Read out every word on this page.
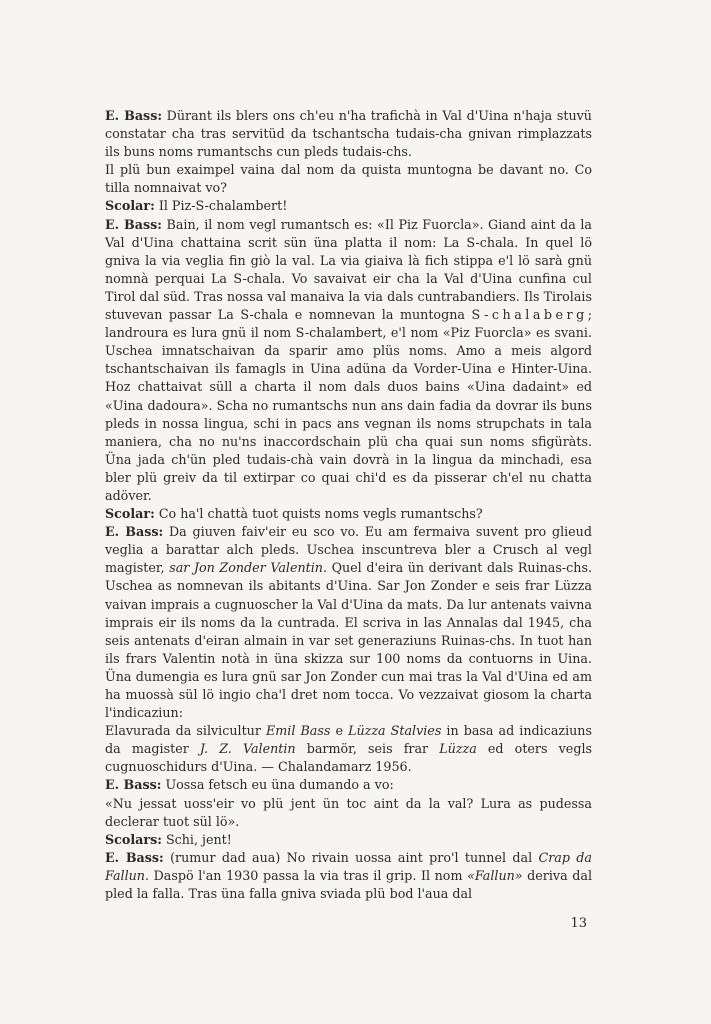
E. Bass: Dürant ils blers ons ch'eu n'ha trafichà in Val d'Uina n'haja stuvü constatar cha tras servitüd da tschantscha tudais-cha gnivan rimplazzats ils buns noms rumantschs cun pleds tudais-chs.

Il plü bun exaimpel vaina dal nom da quista muntogna be davant no. Co tilla nomnaivat vo?

Scolar: Il Piz-S-chalambert!

E. Bass: Bain, il nom vegl rumantsch es: «Il Piz Fuorcla». Giand aint da la Val d'Uina chattaina scrit sün üna platta il nom: La S-chala. In quel lö gniva la via veglia fin giò la val. La via giaiva là fich stippa e'l lö sarà gnü nomnà perquai La S-chala. Vo savaivat eir cha la Val d'Uina cunfina cul Tirol dal süd. Tras nossa val manaiva la via dals cuntrabandiers. Ils Tirolais stuvevan passar La S-chala e nomnevan la muntogna S-chalaberg; landroura es lura gnü il nom S-chalambert, e'l nom «Piz Fuorcla» es svani. Uschea imnatschaivan da sparir amo plüs noms. Amo a meis algord tschantschaivan ils famagls in Uina adüna da Vorder-Uina e Hinter-Uina. Hoz chattaivat süll a charta il nom dals duos bains «Uina dadaint» ed «Uina dadoura». Scha no rumantschs nun ans dain fadia da dovrar ils buns pleds in nossa lingua, schi in pacs ans vegnan ils noms strupchats in tala maniera, cha no nu'ns inaccordschain plü cha quai sun noms sfigüràts. Üna jada ch'ün pled tudais-chà vain dovrà in la lingua da minchadi, esa bler plü greiv da til extirpar co quai chi'd es da pisserar ch'el nu chatta adöver.

Scolar: Co ha'l chattà tuot quists noms vegls rumantschs?

E. Bass: Da giuven faiv'eir eu sco vo. Eu am fermaiva suvent pro glieud veglia a barattar alch pleds. Uschea inscuntreva bler a Crusch al vegl magister, sar Jon Zonder Valentin. Quel d'eira ün derivant dals Ruinas-chs. Uschea as nomnevan ils abitants d'Uina. Sar Jon Zonder e seis frar Lüzza vaivan imprais a cugnuoscher la Val d'Uina da mats. Da lur antenats vaivna imprais eir ils noms da la cuntrada. El scriva in las Annalas dal 1945, cha seis antenats d'eiran almain in var set generaziuns Ruinas-chs. In tuot han ils frars Valentin notà in üna skizza sur 100 noms da contuorns in Uina. Üna dumengia es lura gnü sar Jon Zonder cun mai tras la Val d'Uina ed am ha muossà sül lö ingio cha'l dret nom tocca. Vo vezzaivat giosom la charta l'indicaziun:

Elavurada da silvicultur Emil Bass e Lüzza Stalvies in basa ad indicaziuns da magister J. Z. Valentin barmör, seis frar Lüzza ed oters vegls cugnuoschidurs d'Uina. — Chalandamarz 1956.

E. Bass: Uossa fetsch eu üna dumando a vo:

«Nu jessat uoss'eir vo plü jent ün toc aint da la val? Lura as pudessa declerar tuot sül lö».

Scolars: Schi, jent!

E. Bass: (rumur dad aua) No rivain uossa aint pro'l tunnel dal Crap da Fallun. Daspö l'an 1930 passa la via tras il grip. Il nom «Fallun» deriva dal pled la falla. Tras üna falla gniva sviada plü bod l'aua dal

13
